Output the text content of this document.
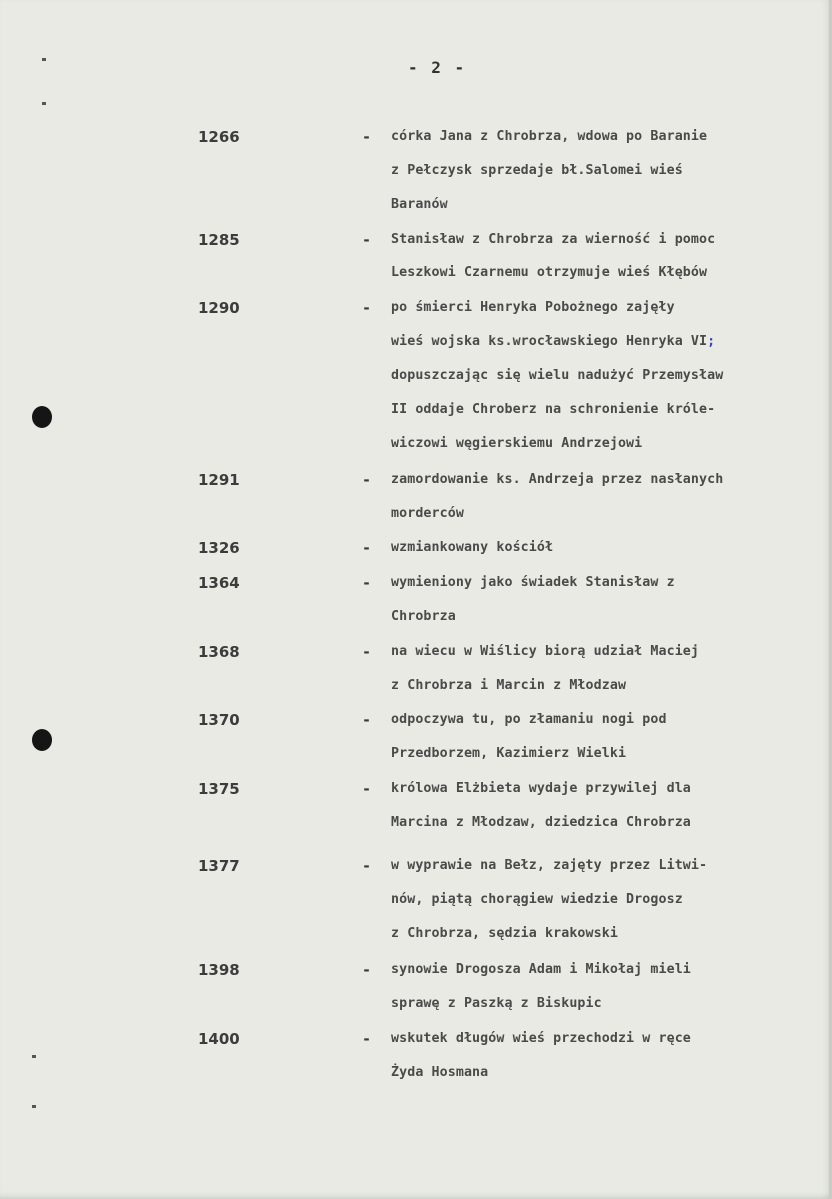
- 2 -
1266	- córka Jana z Chrobrza, wdowa po Baranie
z Pełczysk sprzedaje bł.Salomei wieś
Baranów
1285	- Stanisław z Chrobrza za wierność i pomoc
Leszkowi Czarnemu otrzymuje wieś Kłębów
1290	- po śmierci Henryka Pobożnego zajęły
wieś wojska ks.wrocławskiego Henryka VI;
dopuszczając się wielu nadużyć Przemysław
II oddaje Chroberz na schronienie króle-
wiczowi węgierskiemu Andrzejowi
1291	- zamordowanie ks. Andrzeja przez nasłanych
morderców
1326	- wzmiankowany kościół
1364	- wymieniony jako świadek Stanisław z
Chrobrza
1368	- na wiecu w Wiślicy biorą udział Maciej
z Chrobrza i Marcin z Młodzaw
1370	- odpoczywa tu, po złamaniu nogi pod
Przedborzem, Kazimierz Wielki
1375	- królowa Elżbieta wydaje przywilej dla
Marcina z Młodzaw, dziedzica Chrobrza
1377	- w wyprawie na Bełz, zajęty przez Litwi-
nów, piątą chorągiew wiedzie Drogosz
z Chrobrza, sędzia krakowski
1398	- synowie Drogosza Adam i Mikołaj mieli
sprawę z Paszką z Biskupic
1400	- wskutek długów wieś przechodzi w ręce
Żyda Hosmana
